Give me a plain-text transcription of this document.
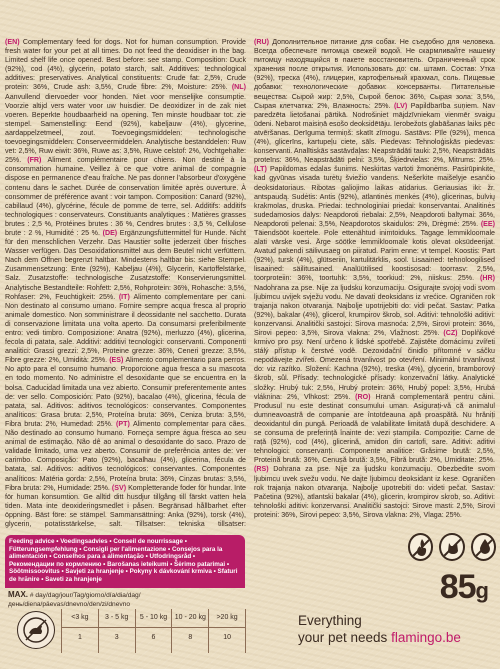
(EN) Complementary feed for dogs. Not for human consumption. Provide fresh water for your pet at all times. Do not feed the deoxidiser in the bag. Limited shelf life once opened. Best before: see stamp. Composition: Duck (92%), cod (4%), glycerin, potato starch, salt. Additives: technological additives: preservatives. Analytical constituents: Crude fat: 2,5%, Crude protein: 36%, Crude ash: 3,5%, Crude fibre: 2%, Moisture: 25%. (NL) Aanvullend diervoeder voor honden. Niet voor menselijke consumptie. Voorzie altijd vers water voor uw huisdier. De deoxidizer in de zak niet voeren. Beperkte houdbaarheid na opening. Ten minste houdbaar tot: zie stempel. Samenstelling: Eend (92%), kabeljauw (4%), glycerine, aardappelzetmeel, zout. Toevoegingsmiddelen: technologische toevoegingsmiddelen: Conserveermiddelen. Analytische bestanddelen: Ruw vet: 2,5%, Ruw eiwit: 36%, Ruwe as: 3,5%, Ruwe celstof: 2%, Vochtgehalte: 25%. (FR) Aliment complémentaire pour chiens. Non destiné à la consommation humaine. Veillez à ce que votre animal de compagnie dispose en permanence d'eau fraîche. Ne pas donner l'absorbeur d'oxygène contenu dans le sachet. Durée de conservation limitée après ouverture. À consommer de préférence avant : voir tampon. Composition: Canard (92%), cabillaud (4%), glycérine, fécule de pomme de terre, sel. Additifs: additifs technologiques : conservateurs. Constituants analytiques : Matières grasses brutes : 2,5 %, Protéines brutes : 36 %, Cendres brutes : 3,5 %, Cellulose brute : 2 %, Humidité : 25 %. (DE) Ergänzungsfuttermittel für Hunde. Nicht für den menschlichen Verzehr. Das Haustier sollte jederzeit über frisches Wasser verfügen. Das Desoxidationsmittel aus dem Beutel nicht verfüttern. Nach dem Öffnen begrenzt haltbar. Mindestens haltbar bis: siehe Stempel. Zusammensetzung: Ente (92%), Kabeljau (4%), Glycerin, Kartoffelstärke, Salz. Zusatzstoffe: technologische Zusatzstoffe: Konservierungsmittel. Analytische Bestandteile: Rohfett: 2,5%, Rohprotein: 36%, Rohasche: 3,5%, Rohfaser: 2%, Feuchtigkeit: 25%. (IT) Alimento complementare per cani. Non destinato al consumo umano. Fornire sempre acqua fresca al proprio animale domestico. Non somministrare il deossidante nel sacchetto. Durata di conservazione limitata una volta aperto. Da consumarsi preferibilmente entro: vedi timbro. Composizione: Anatra (92%), merluzzo (4%), glicerina, fecola di patata, sale. Additivi: additivi tecnologici: conservanti. Componenti analitici: Grassi grezzi: 2,5%, Proteine grezze: 36%, Ceneri grezze: 3,5%, Fibre grezze: 2%, Umidità: 25%. (ES) Alimento complementario para perros. No apto para el consumo humano. Proporcione agua fresca a su mascota en todo momento. No administre el desoxidante que se encuentra en la bolsa. Caducidad limitada una vez abierto. Consumir preferentemente antes de: ver sello. Composición: Pato (92%), bacalao (4%), glicerina, fécula de patata, sal. Aditivos: aditivos tecnológicos: conservantes. Componentes analíticos: Grasa bruta: 2,5%, Proteína bruta: 36%, Ceniza bruta: 3,5%, Fibra bruta: 2%, Humedad: 25%. (PT) Alimento complementar para cães. Não destinado ao consumo humano. Forneça sempre água fresca ao seu animal de estimação. Não dê ao animal o desoxidante do saco. Prazo de validade limitado, uma vez aberto. Consumir de preferência antes de: ver carimbo. Composição: Pato (92%), bacalhau (4%), glicerina, fécula de batata, sal. Aditivos: aditivos tecnológicos: conservantes. Componentes analíticos: Matéria gorda: 2,5%, Proteína bruta: 36%, Cinzas brutas: 3,5%, Fibra bruta: 2%, Humidade: 25%. (SV) Kompletterande foder för hundar. Inte för human konsumtion. Ge alltid ditt husdjur tillgång till färskt vatten hela tiden. Mata inte deoxideringsmedlet i påsen. Begränsad hållbarhet efter öppning. Bäst före: se stämpel. Sammansättning: Anka (92%), torsk (4%), glycerin, potatisstärkelse, salt. Tillsatser: tekniska tillsatser:

(RU) Дополнительное питание для собак. Не съедобно для человека. Всегда обеспечьте питомца свежей водой. Не скармливайте нашему питомцу находящийся в пакете восстановитель. Ограниченный срок хранения после открытия. Использовать до: см. штамп. Состав: Утка (92%), треска (4%), глицерин, картофельный крахмал, соль. Пищевые добавки: технологические добавки: консерванты. Питательные вещества: Сырой жир: 2,5%, Сырой белок: 36%, Сырая зола: 3,5%, Сырая клетчатка: 2%, Влажность: 25%. (LV) Papildbarība suņiem. Nav paredzēta lietošanai pārtikā. Nodrošiniet mājdzīvniekam vienmēr svaigu ūdeni. Nebarot maisiņā esošo deoksidētāju. Ierobežots glabāšanas laiks pēc atvēršanas. Derīguma termiņš: skatīt zīmogu. Sastāvs: Pīle (92%), menca (4%), glicerīns, kartupeļu ciete, sāls. Piedevas: Tehnoloģiskās piedevas: konservanti. Analītiskās sastāvdaļas: Neapstrādāti tauki: 2,5%, Neapstrādāts proteīns: 36%, Neapstrādāti pelni: 3,5%, Šķiedrvielas: 2%, Mitrums: 25%. (LT) Papildomas ėdalas šunims. Neskirtas vartoti žmonėms. Pasirūpinkite, kad gyvūnas visada turėtų šviežio vandens. Nešerkite maišelyje esančio deoksidatoriaus. Ribotas galiojimo laikas atidarius. Geriausias iki: žr. antspaudą. Sudėtis: Antis (92%), atlantinės menkės (4%), glicerinas, bulvių krakmolas, druska. Priedai: technologiniai priedai: konservantai. Analitinės sudedamosios dalys: Neapdoroti riebalai: 2,5%, Neapdoroti baltymai: 36%, Neapdoroti pelenai: 3,5%, Neapdorotos skaidulos: 2%, Drėgmė: 25%. (EE) Täiendsööt koertele. Pole ettenähtud inimtoiduks. Tagage lemmikloomale alati värske vesi. Ärge söötke lemmikloomale kotis olevat oksüdeerijat. Avatud pakendi säilivusaeg on piiratud. Parim enne: vt tempel. Koostis: Part (92%), tursk (4%), glütseriin, kartulitärklis, sool. Lisaained: tehnoloogilised lisaained: säilitusained. Analüütilised koostisosad: toorrasv: 2,5%, toorproteiin: 36%, toortuhk: 3,5%, toorkiud: 2%, niiskus: 25%. (HR) Nadohrana za pse. Nije za ljudsku konzumaciju. Osigurajte svojoj vodi svom ljubimcu uvijek svježu vodu. Ne davati deoksidans iz vrećice. Ograničen rok trajanja nakon otvaranja. Najbolje upotrijebiti do: vidi pečat. Sastav: Patka (92%), bakalar (4%), glicerol, krumpirov škrob, sol. Aditivi: tehnološki aditivi: konzervansi. Analitički sastojci: Sirova masnoća: 2,5%, Sirovi protein: 36%, Sirovi pepeo: 3,5%, Sirova vlakna: 2%, Vlažnost: 25%. (CZ) Doplňkové krmivo pro psy. Není určeno k lidské spotřebě. Zajistěte domácímu zvířeti stálý přístup k čerstvé vodě. Dezoxidační činidlo přítomné v sáčku nepodávejte zvířeti. Omezená trvanlivost po otevření. Minimální trvanlivost do: viz razítko. Složení: Kachna (92%), treska (4%), glycerin, bramborový škrob, sůl. Přísady: technologické přísady: konzervační látky. Analytické složky: Hrubý tuk: 2,5%, Hrubý protein: 36%, Hrubý popel: 3,5%, Hrubá vláknina: 2%, Vlhkost: 25%. (RO) Hrană complementară pentru câini. Produsul nu este destinat consumului uman. Asigurați-vă că animalul dumneavoastră de companie are întotdeauna apă proaspătă. Nu hrăniți deoxidantul din pungă. Perioadă de valabilitate limitată după deschidere. A se consuma de preferință înainte de: vezi ștampila. Compoziție: Carne de rață (92%), cod (4%), glicerină, amidon din cartofi, sare. Aditivi: aditivi tehnologici: conservanți. Componente analitice: Grăsime brută: 2,5%, Proteină brută: 36%, Cenușă brută: 3,5%, Fibră brută: 2%, Umiditate: 25%. (RS) Dohrana za pse. Nije za ljudsku konzumaciju. Obezbedite svom ljubimcu uvek svežu vodu. Ne dajte ljubimcu deoksidant iz kese. Ograničen rok trajanja nakon otvaranja. Najbolje upotrebiti do: videti pečat. Sastav: Pačetina (92%), atlantski bakalar (4%), glicerin, krompirov skrob, so. Aditivi: tehnološki aditivi: konzervansi. Analitički sastojci: Sirove masti: 2,5%, Sirovi proteini: 36%, Sirovi pepeo: 3,5%, Sirova vlakna: 2%, Vlaga: 25%.

Feeding advice • Voedingsadvies • Conseil de nourrissage • Fütterungsempfehlung • Consigli per l'alimentazione • Consejos para la alimentación • Conselhos para a alimentação • Utfodringsråd • Рекомендации по кормлению • Barošanas ieteikumi • Šėrimo patarimai • Söötmissoovitus • Savjeti za hranjenje • Pokyny k dávkování krmiva • Sfaturi de hrănire • Saveti za hranjenje
MAX. # day/dag/jour/Tag/giorno/día/dia/dag/день/diena/päevas/dnevno/den/zi/dnevno
<3 kg
1
3 - 5 kg
3
5 - 10 kg
6
10 - 20 kg
8
>20 kg
10
85g
Everything
your pet needs flamingo.be
